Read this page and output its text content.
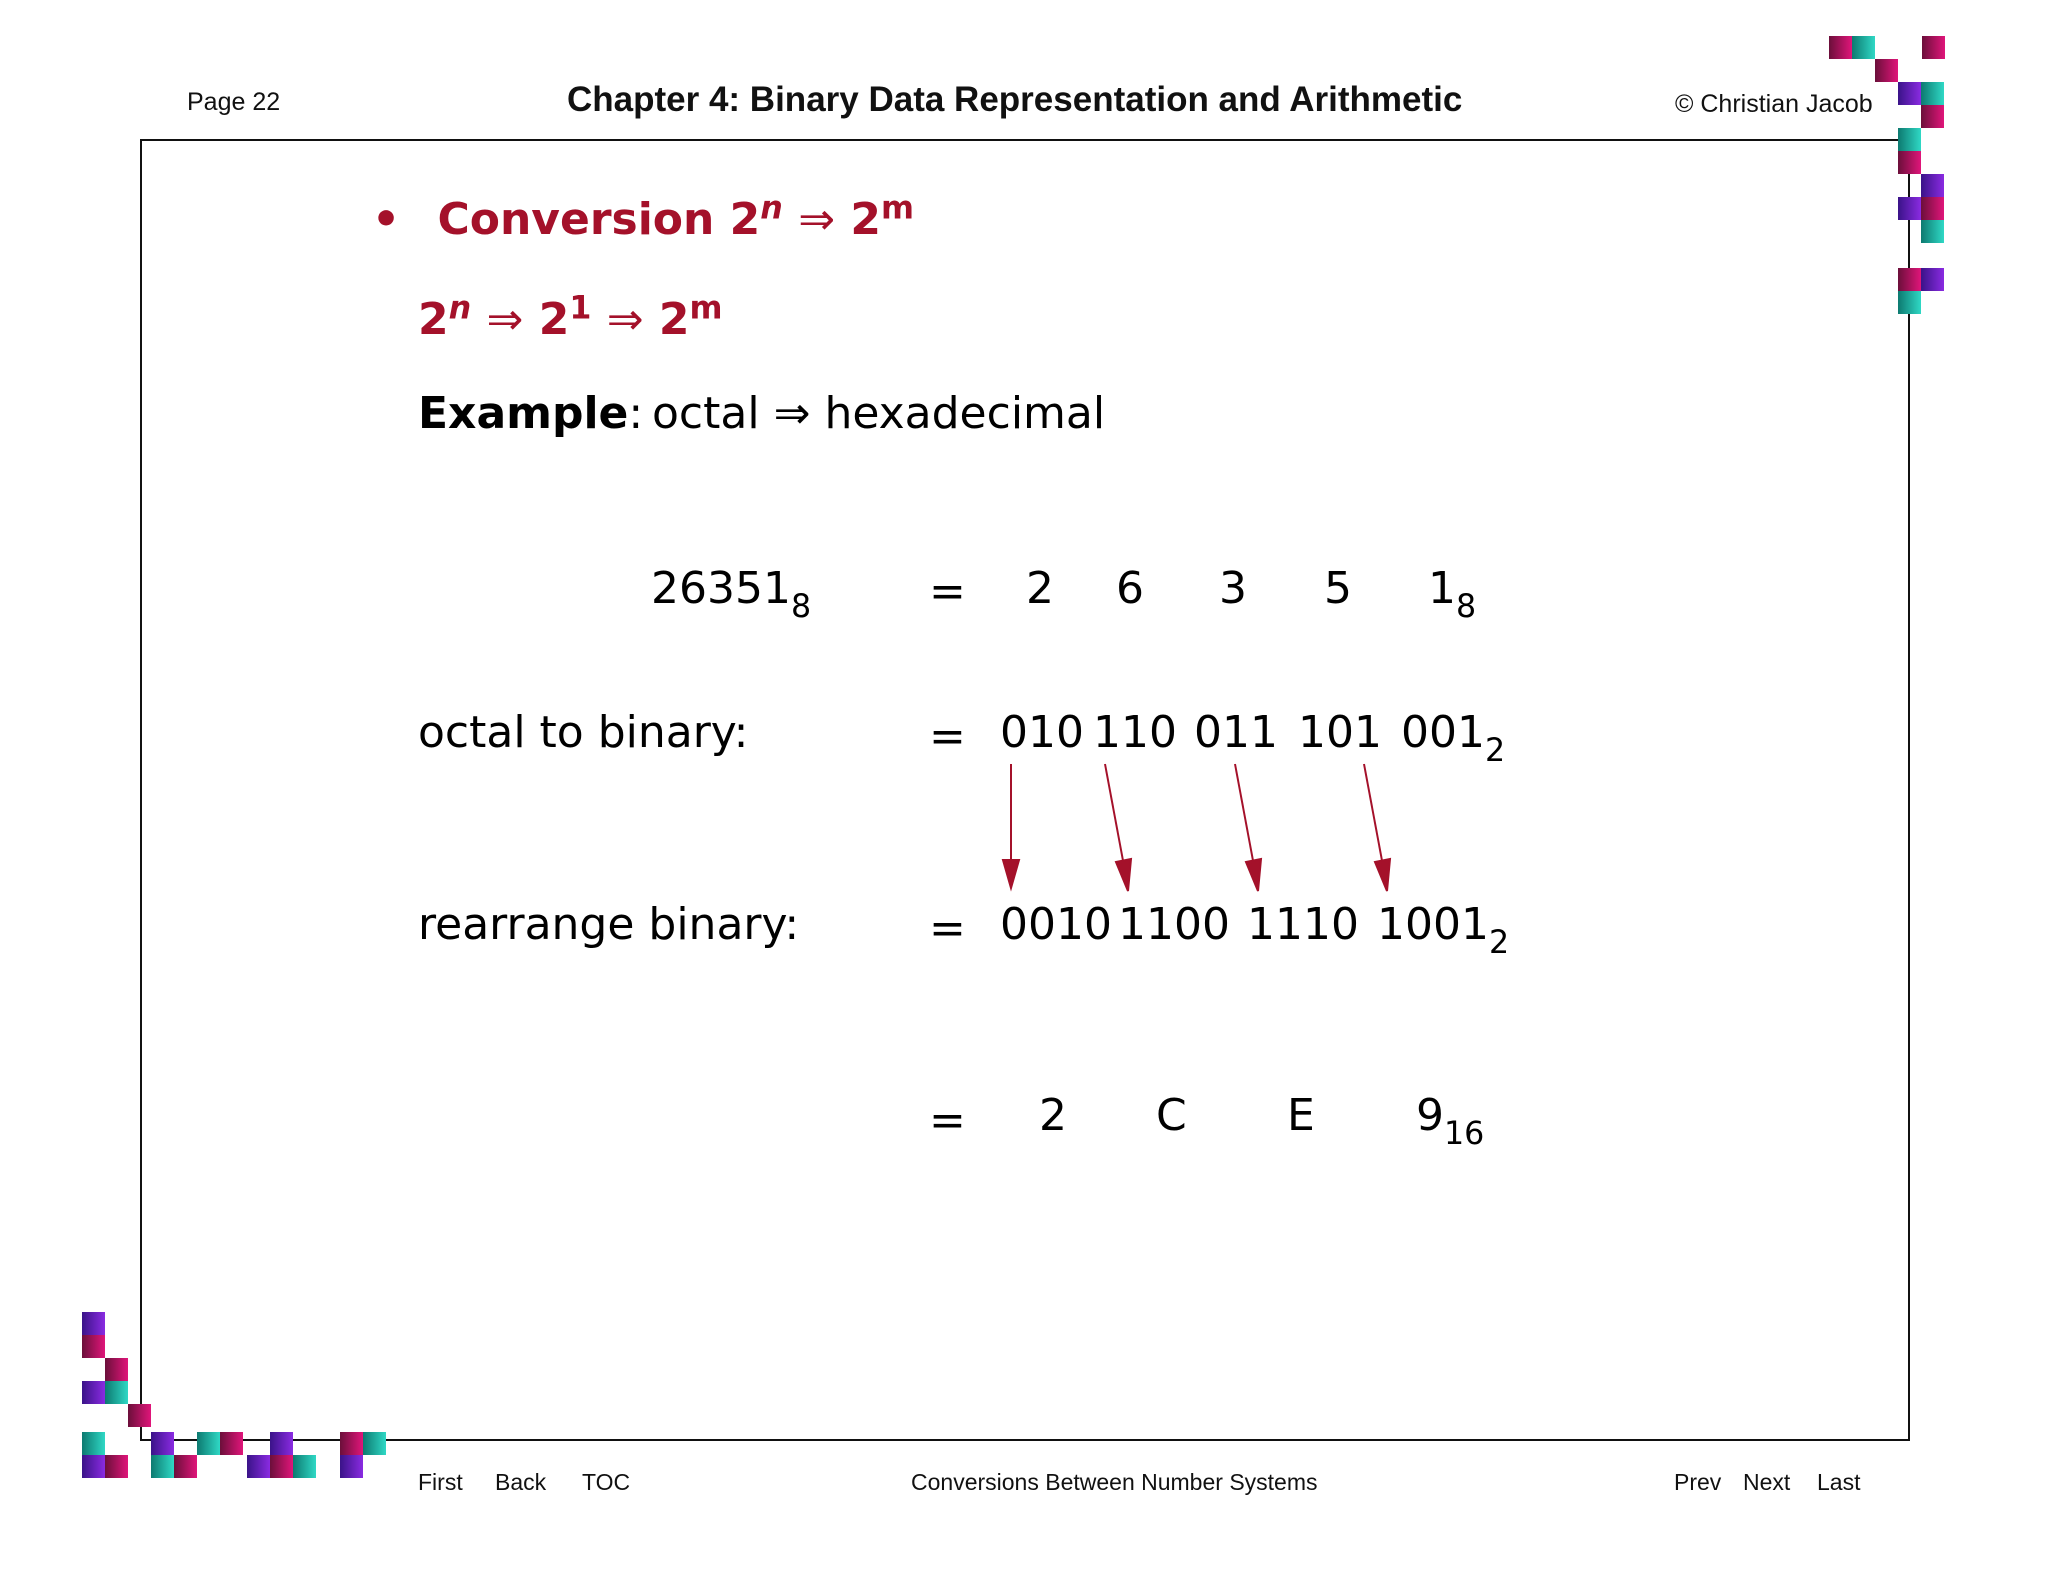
Page 22	Chapter 4: Binary Data Representation and Arithmetic	© Christian Jacob
• Conversion 2$^n$ ⇒ 2$^m$
2$^n$ ⇒ $2^1$ ⇒ 2$^m$
Example: octal ⇒ hexadecimal
$26351_8$	= 2 6 3 5 $1_8$
octal to binary:	= 010 110 011 101 $001_2$
rearrange binary:	= 0010 1100 1110 $1001_2$
= 2 C E $9_{16}$
First Back TOC	Conversions Between Number Systems	Prev Next Last
